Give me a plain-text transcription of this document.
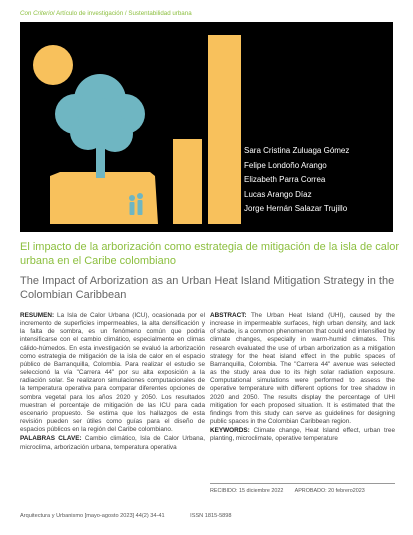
Con Criterio/ Artículo de investigación / Sustentabilidad urbana
Sara Cristina Zuluaga Gómez
Felipe Londoño Arango
Elizabeth Parra Correa
Lucas Arango Díaz
Jorge Hernán Salazar Trujillo
El impacto de la arborización como estrategia de mitigación de la isla de calor urbana en el Caribe colombiano
The Impact of Arborization as an Urban Heat Island Mitigation Strategy in the Colombian Caribbean

RESUMEN: La Isla de Calor Urbana (ICU), ocasionada por el incremento de superficies impermeables, la alta densificación y la falta de sombra, es un fenómeno común que podría intensificarse con el cambio climático, especialmente en climas cálido-húmedos. En esta investigación se evaluó la arborización como estrategia de mitigación de la isla de calor en el espacio público de Barranquilla, Colombia. Para realizar el estudio se seleccionó la vía "Carrera 44" por su alta exposición a la radiación solar. Se realizaron simulaciones computacionales de la temperatura operativa para comparar diferentes opciones de sombra vegetal para los años 2020 y 2050. Los resultados muestran el porcentaje de mitigación de las ICU para cada escenario propuesto. Se estima que los hallazgos de esta revisión pueden ser útiles como guías para el diseño de espacios públicos en la región del Caribe colombiano.

PALABRAS CLAVE: Cambio climático, Isla de Calor Urbana, microclima, arborización urbana, temperatura operativa

ABSTRACT: The Urban Heat Island (UHI), caused by the increase in impermeable surfaces, high urban density, and lack of shade, is a common phenomenon that could end intensified by climate changes, especially in warm-humid climates. This research evaluated the use of urban arborization as a mitigation strategy for the heat island effect in the public spaces of Barranquilla, Colombia. The "Carrera 44" avenue was selected as the study area due to its high solar radiation exposure. Computational simulations were performed to assess the operative temperature with different options for tree shadow in 2020 and 2050. The results display the percentage of UHI mitigation for each proposed situation. It is estimated that the findings from this study can serve as guidelines for designing public spaces in the Colombian Caribbean region.

KEYWORDS: Climate change, Heat Island effect, urban tree planting, microclimate, operative temperature

RECIBIDO: 15 diciembre 2022 APROBADO: 20 febrero2023
Arquitectura y Urbanismo [mayo-agosto 2023] 44(2) 34-41	ISSN 1815-5898
